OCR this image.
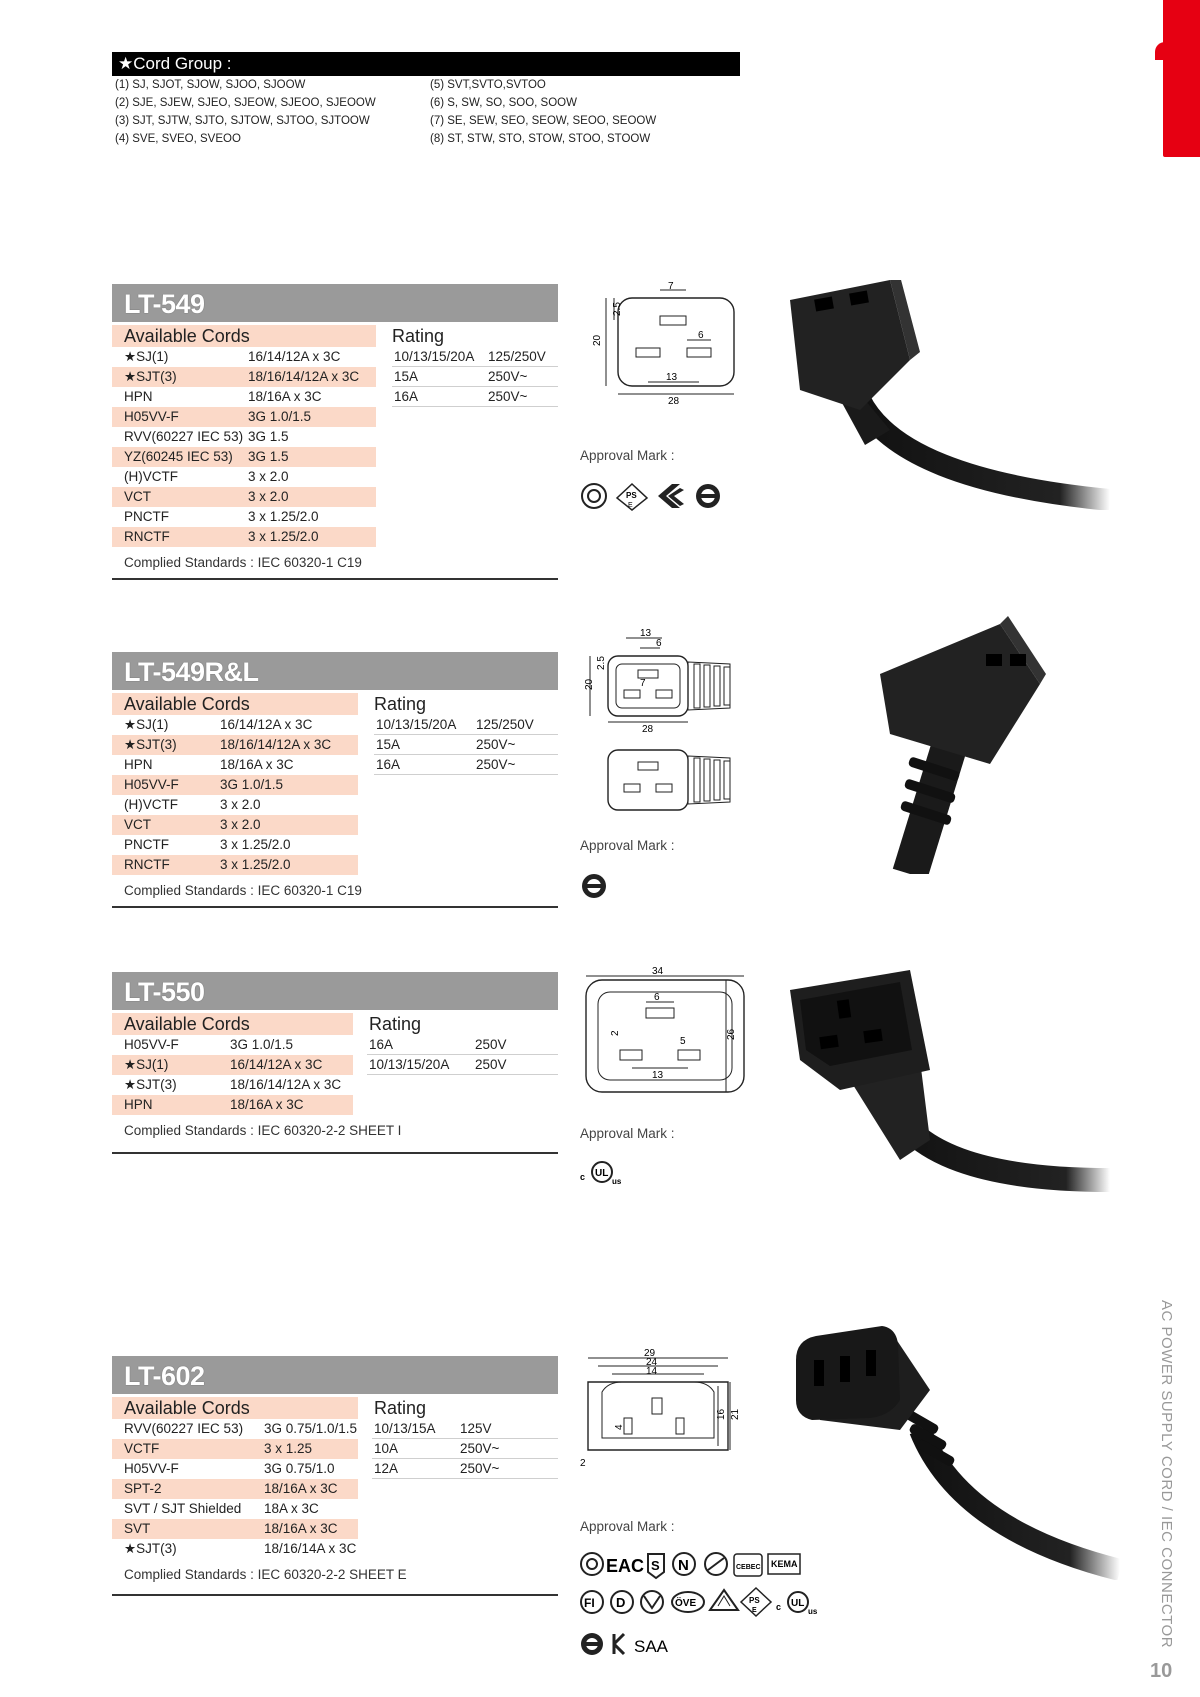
★Cord Group :
(1) SJ, SJOT, SJOW, SJOO, SJOOW
(2) SJE, SJEW, SJEO, SJEOW, SJEOO, SJEOOW
(3) SJT, SJTW, SJTO, SJTOW, SJTOO, SJTOOW
(4) SVE, SVEO, SVEOO
(5) SVT,SVTO,SVTOO
(6) S, SW, SO, SOO, SOOW
(7) SE, SEW, SEO, SEOW, SEOO, SEOOW
(8) ST, STW, STO, STOW, STOO, STOOW
LT-549
Available Cords
★SJ(1)	16/14/12A x 3C
★SJT(3)	18/16/14/12A x 3C
HPN	18/16A x 3C
H05VV-F	3G 1.0/1.5
RVV(60227 IEC 53) 3G 1.5
YZ(60245 IEC 53)	3G 1.5
(H)VCTF	3 x 2.0
VCT	3 x 2.0
PNCTF	3 x 1.25/2.0
RNCTF	3 x 1.25/2.0
Rating
10/13/15/20A	125/250V
15A	250V~
16A	250V~
Complied Standards : IEC 60320-1 C19
7
6
13
28
20
2.5
Approval Mark :
PS
E
LT-549R&L
Available Cords
★SJ(1)	16/14/12A x 3C
★SJT(3)	18/16/14/12A x 3C
HPN	18/16A x 3C
H05VV-F	3G 1.0/1.5
(H)VCTF	3 x 2.0
VCT	3 x 2.0
PNCTF	3 x 1.25/2.0
RNCTF	3 x 1.25/2.0
Rating
10/13/15/20A	125/250V
15A	250V~
16A	250V~
Complied Standards : IEC 60320-1 C19
13
6
7
28
20
2.5
Approval Mark :
LT-550
Available Cords
H05VV-F	3G 1.0/1.5
★SJ(1)	16/14/12A x 3C
★SJT(3)	18/16/14/12A x 3C
HPN	18/16A x 3C
Rating
16A	250V
10/13/15/20A	250V
Complied Standards : IEC 60320-2-2 SHEET I
34
6
2
5
13
26
Approval Mark :
UL
c	us
LT-602
Available Cords
RVV(60227 IEC 53)	3G 0.75/1.0/1.5
VCTF	3 x 1.25
H05VV-F	3G 0.75/1.0
SPT-2	18/16A x 3C
SVT / SJT Shielded	18A x 3C
SVT	18/16A x 3C
★SJT(3)	18/16/14A x 3C
Rating
10/13/15A	125V
10A	250V~
12A	250V~
Complied Standards : IEC 60320-2-2 SHEET E
29
24
14
4
16 21
2
Approval Mark :
EAC S N	CEBEC KEMA
FI D	ÖVE	PS
E
UL
c	us
SAA	AC POWER SUPPLY CORD / IEC CONNECTOR
10
